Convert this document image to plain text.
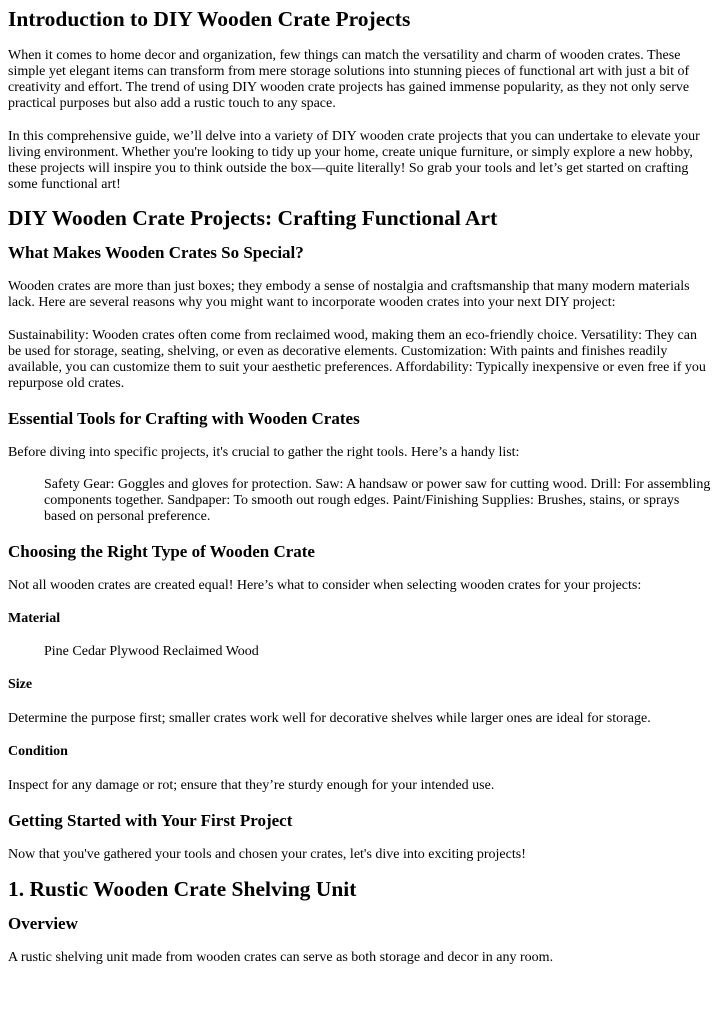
Introduction to DIY Wooden Crate Projects

When it comes to home decor and organization, few things can match the versatility and charm of wooden crates. These simple yet elegant items can transform from mere storage solutions into stunning pieces of functional art with just a bit of creativity and effort. The trend of using DIY wooden crate projects has gained immense popularity, as they not only serve practical purposes but also add a rustic touch to any space.

In this comprehensive guide, we’ll delve into a variety of DIY wooden crate projects that you can undertake to elevate your living environment. Whether you're looking to tidy up your home, create unique furniture, or simply explore a new hobby, these projects will inspire you to think outside the box—quite literally! So grab your tools and let’s get started on crafting some functional art!

DIY Wooden Crate Projects: Crafting Functional Art
What Makes Wooden Crates So Special?

Wooden crates are more than just boxes; they embody a sense of nostalgia and craftsmanship that many modern materials lack. Here are several reasons why you might want to incorporate wooden crates into your next DIY project:

Sustainability: Wooden crates often come from reclaimed wood, making them an eco-friendly choice. Versatility: They can be used for storage, seating, shelving, or even as decorative elements. Customization: With paints and finishes readily available, you can customize them to suit your aesthetic preferences. Affordability: Typically inexpensive or even free if you repurpose old crates.

Essential Tools for Crafting with Wooden Crates

Before diving into specific projects, it's crucial to gather the right tools. Here’s a handy list:

Safety Gear: Goggles and gloves for protection. Saw: A handsaw or power saw for cutting wood. Drill: For assembling components together. Sandpaper: To smooth out rough edges. Paint/Finishing Supplies: Brushes, stains, or sprays based on personal preference.
Choosing the Right Type of Wooden Crate

Not all wooden crates are created equal! Here’s what to consider when selecting wooden crates for your projects:

Material
Pine Cedar Plywood Reclaimed Wood
Size

Determine the purpose first; smaller crates work well for decorative shelves while larger ones are ideal for storage.

Condition

Inspect for any damage or rot; ensure that they’re sturdy enough for your intended use.

Getting Started with Your First Project

Now that you've gathered your tools and chosen your crates, let's dive into exciting projects!

1. Rustic Wooden Crate Shelving Unit
Overview

A rustic shelving unit made from wooden crates can serve as both storage and decor in any room.
